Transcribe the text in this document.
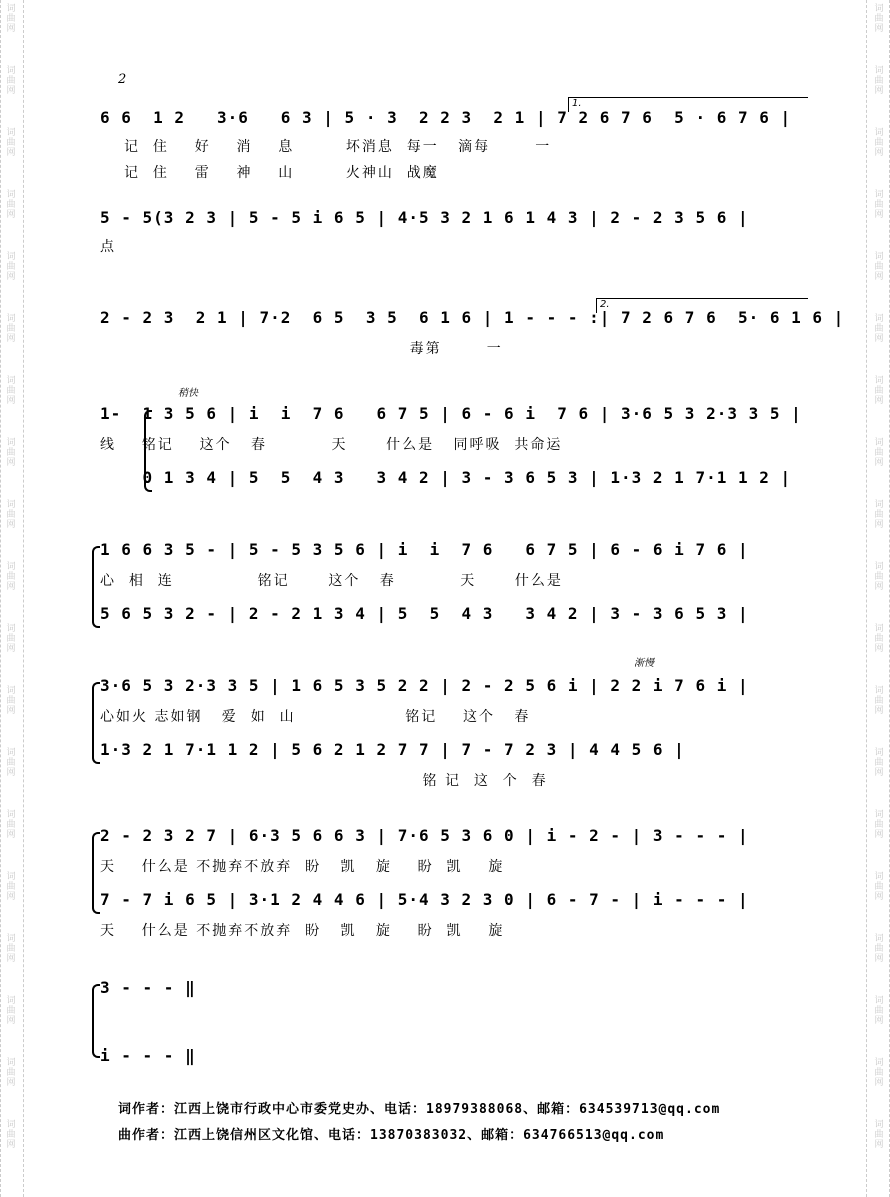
词曲网
词曲网
词曲网
词曲网
词曲网
词曲网
词曲网
词曲网
词曲网
词曲网
词曲网
词曲网
词曲网
词曲网
词曲网
词曲网
词曲网
词曲网
词曲网
词曲网
词曲网
词曲网
词曲网
词曲网
词曲网
词曲网
词曲网
词曲网
词曲网
词曲网
词曲网
词曲网
词曲网
词曲网
词曲网
词曲网
词曲网
词曲网
2
1.
2.
稍快
渐慢
6 6  1 2   3·6   6 3 | 5 · 3  2 2 3  2 1 | 7 2 6 7 6  5 · 6 7 6 |
记  住    好    消    息        坏消息  每一   滴每       一
记  住    雷    神    山        火神山  战魔
5 - 5(3 2 3 | 5 - 5 i 6 5 | 4·5 3 2 1 6 1 4 3 | 2 - 2 3 5 6 |
点
2 - 2 3  2 1 | 7·2  6 5  3 5  6 1 6 | 1 - - - :| 7 2 6 7 6  5· 6 1 6 |
毒第       一
1-  1 3 5 6 | i  i  7 6   6 7 5 | 6 - 6 i  7 6 | 3·6 5 3 2·3 3 5 |
线    铭记    这个   春          天      什么是   同呼吸  共命运
0 1 3 4 | 5  5  4 3   3 4 2 | 3 - 3 6 5 3 | 1·3 2 1 7·1 1 2 |
1 6 6 3 5 - | 5 - 5 3 5 6 | i  i  7 6   6 7 5 | 6 - 6 i 7 6 |
心  相  连             铭记      这个   春          天      什么是
5 6 5 3 2 - | 2 - 2 1 3 4 | 5  5  4 3   3 4 2 | 3 - 3 6 5 3 |
3·6 5 3 2·3 3 5 | 1 6 5 3 5 2 2 | 2 - 2 5 6 i | 2 2 i 7 6 i |
心如火 志如钢   爱  如  山                 铭记    这个   春
1·3 2 1 7·1 1 2 | 5 6 2 1 2 7 7 | 7 - 7 2 3 | 4 4 5 6 |
铭 记  这  个  春
2 - 2 3 2 7 | 6·3 5 6 6 3 | 7·6 5 3 6 0 | i - 2 - | 3 - - - |
天    什么是 不抛弃不放弃  盼   凯   旋    盼  凯    旋
7 - 7 i 6 5 | 3·1 2 4 4 6 | 5·4 3 2 3 0 | 6 - 7 - | i - - - |
天    什么是 不抛弃不放弃  盼   凯   旋    盼  凯    旋
3 - - - ‖
i - - - ‖
词作者：江西上饶市行政中心市委党史办、电话：18979388068、邮箱：634539713@qq.com
曲作者：江西上饶信州区文化馆、电话：13870383032、邮箱：634766513@qq.com
